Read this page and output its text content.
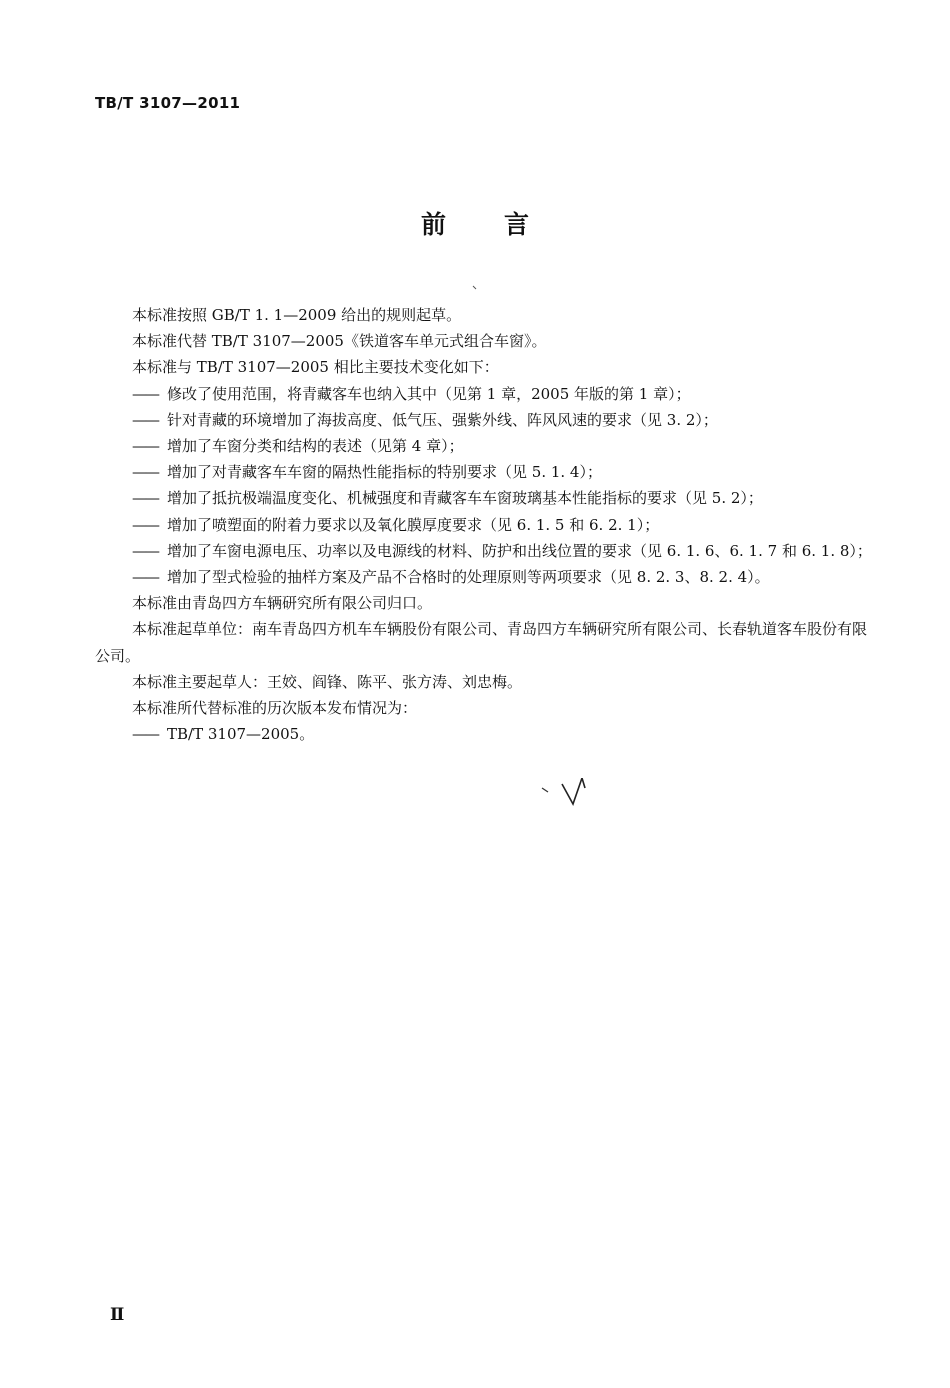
TB/T 3107—2011
前言

本标准按照 GB/T 1. 1—2009 给出的规则起草。

本标准代替 TB/T 3107—2005《铁道客车单元式组合车窗》。

本标准与 TB/T 3107—2005 相比主要技术变化如下：

—— 修改了使用范围，将青藏客车也纳入其中（见第 1 章，2005 年版的第 1 章）；

—— 针对青藏的环境增加了海拔高度、低气压、强紫外线、阵风风速的要求（见 3. 2）；

—— 增加了车窗分类和结构的表述（见第 4 章）；

—— 增加了对青藏客车车窗的隔热性能指标的特别要求（见 5. 1. 4）；

—— 增加了抵抗极端温度变化、机械强度和青藏客车车窗玻璃基本性能指标的要求（见 5. 2）；

—— 增加了喷塑面的附着力要求以及氧化膜厚度要求（见 6. 1. 5 和 6. 2. 1）；

—— 增加了车窗电源电压、功率以及电源线的材料、防护和出线位置的要求（见 6. 1. 6、6. 1. 7 和 6. 1. 8）；

—— 增加了型式检验的抽样方案及产品不合格时的处理原则等两项要求（见 8. 2. 3、8. 2. 4）。

本标准由青岛四方车辆研究所有限公司归口。

本标准起草单位：南车青岛四方机车车辆股份有限公司、青岛四方车辆研究所有限公司、长春轨道客车股份有限公司。

本标准主要起草人：王姣、阎锋、陈平、张方涛、刘忠梅。

本标准所代替标准的历次版本发布情况为：

—— TB/T 3107—2005。

Ⅱ
